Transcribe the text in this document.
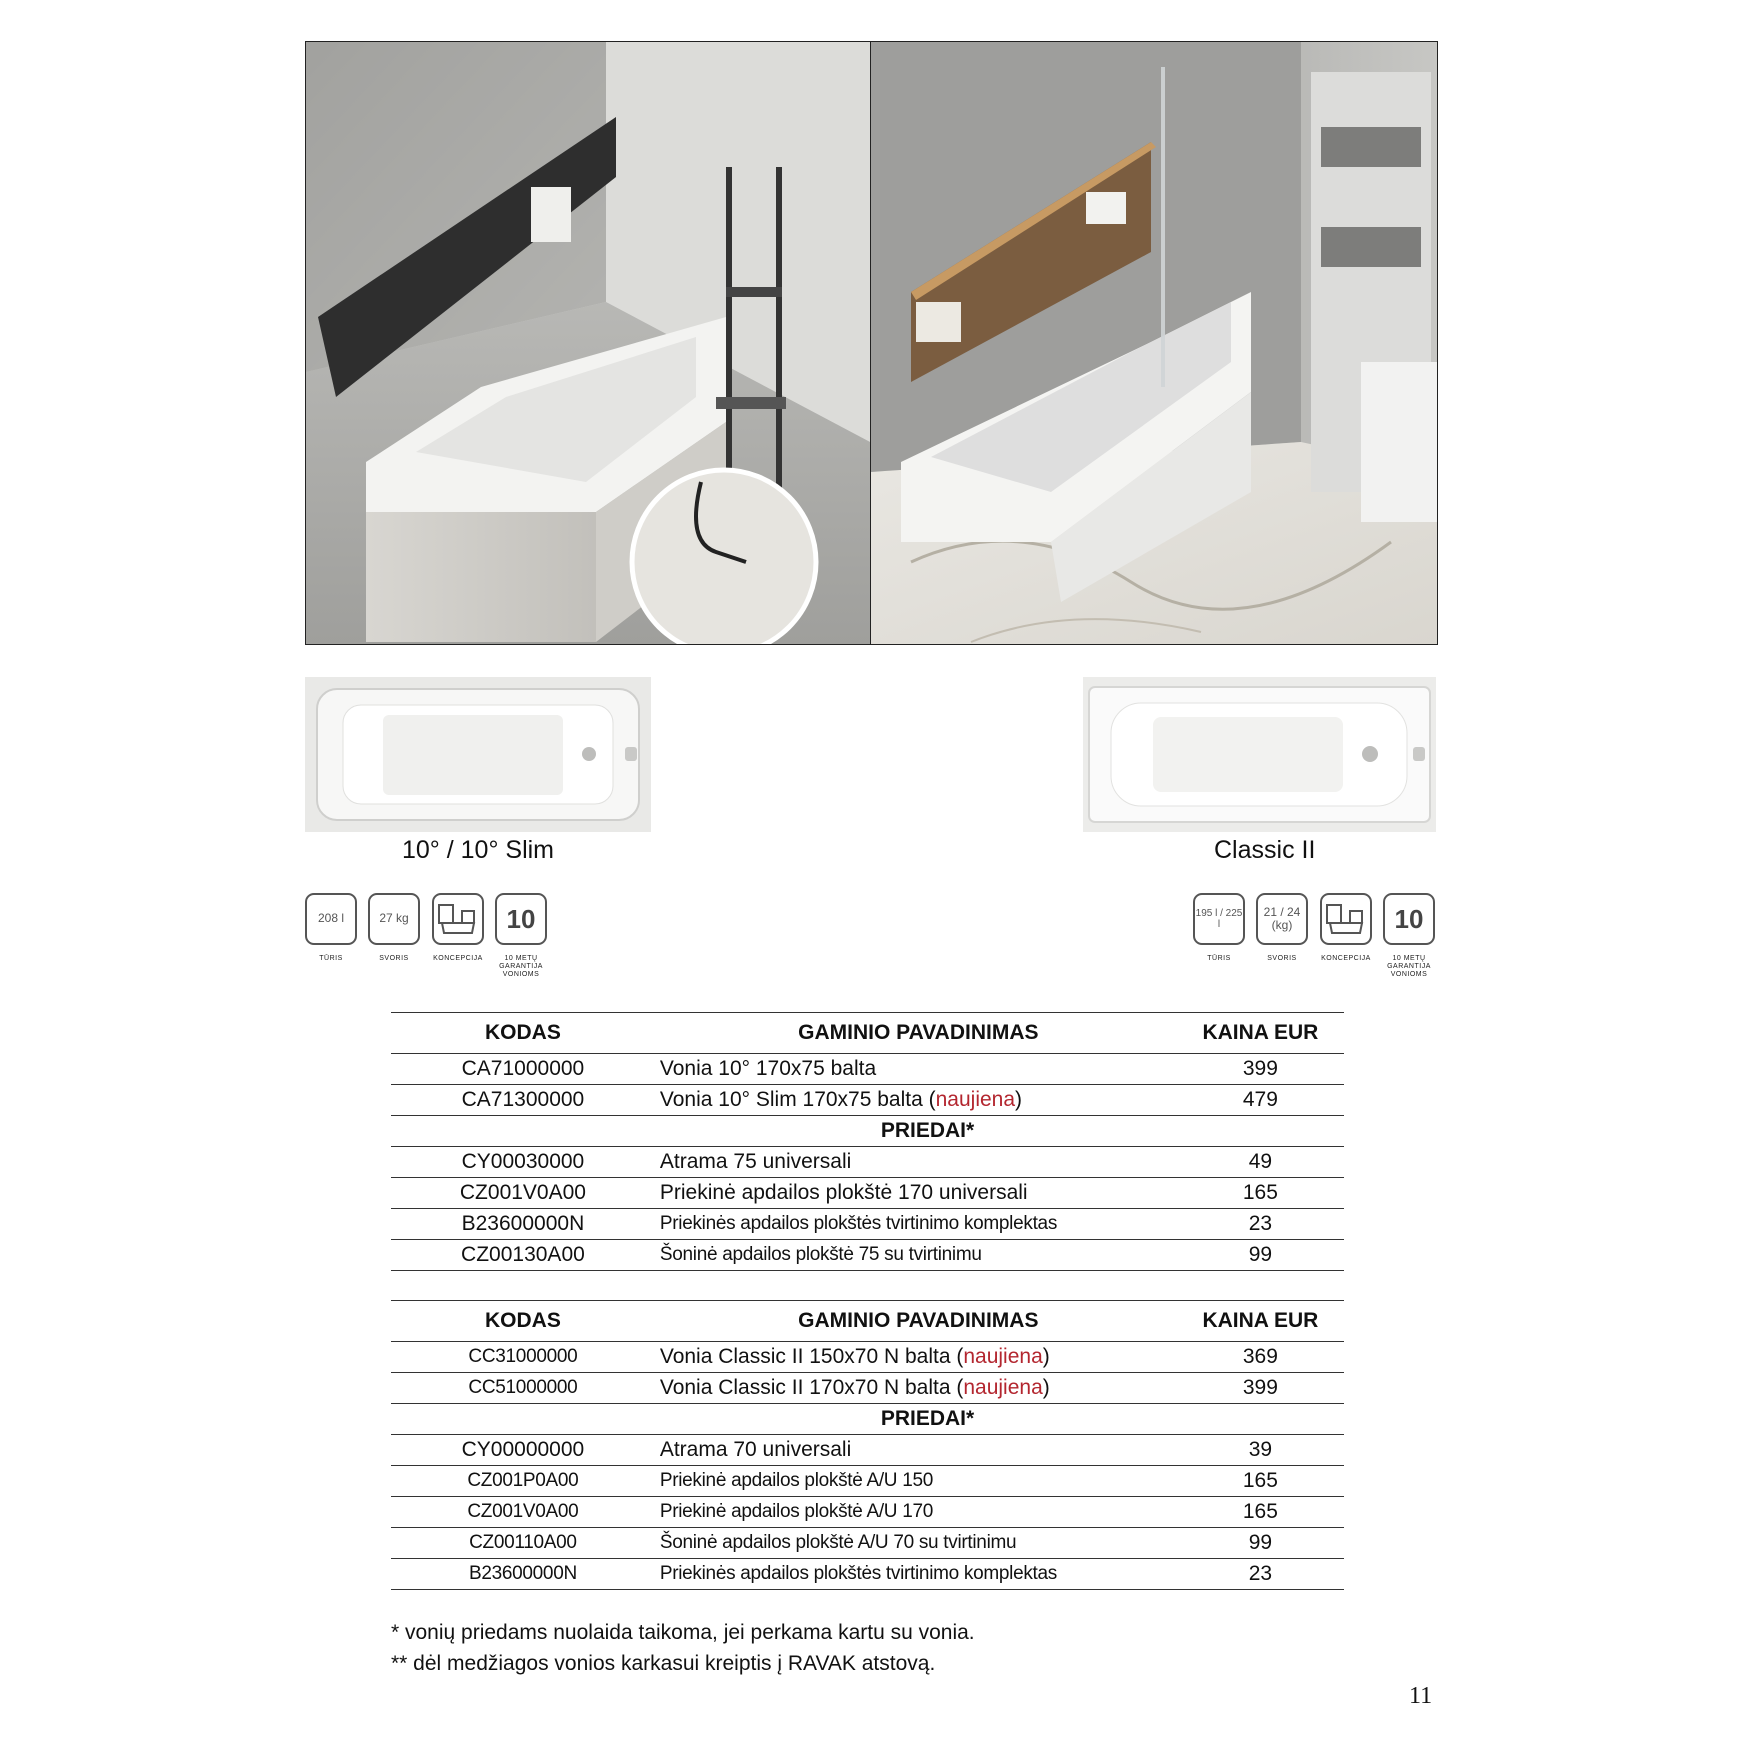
10° / 10° Slim	Classic II
208 l
TŪRIS
27 kg
SVORIS	KONCEPCIJA
10
10 METŲ GARANTIJA VONIOMS
195 l / 225 l
TŪRIS
21 / 24 (kg)
SVORIS	KONCEPCIJA
10
10 METŲ GARANTIJA VONIOMS
KODAS	GAMINIO PAVADINIMAS	KAINA EUR
CA71000000	Vonia 10° 170x75 balta	399
CA71300000	Vonia 10° Slim 170x75 balta (naujiena)	479
PRIEDAI*		
CY00030000	Atrama 75 universali	49
CZ001V0A00	Priekinė apdailos plokštė 170 universali	165
B23600000N	Priekinės apdailos plokštės tvirtinimo komplektas	23
CZ00130A00	Šoninė apdailos plokštė 75 su tvirtinimu	99
KODAS	GAMINIO PAVADINIMAS	KAINA EUR
CC31000000	Vonia Classic II 150x70 N balta (naujiena)	369
CC51000000	Vonia Classic II 170x70 N balta (naujiena)	399
PRIEDAI*		
CY00000000	Atrama 70 universali	39
CZ001P0A00	Priekinė apdailos plokštė A/U 150	165
CZ001V0A00	Priekinė apdailos plokštė A/U 170	165
CZ00110A00	Šoninė apdailos plokštė A/U 70 su tvirtinimu	99
B23600000N	Priekinės apdailos plokštės tvirtinimo komplektas	23
* vonių priedams nuolaida taikoma, jei perkama kartu su vonia.
** dėl medžiagos vonios karkasui kreiptis į RAVAK atstovą.
11
